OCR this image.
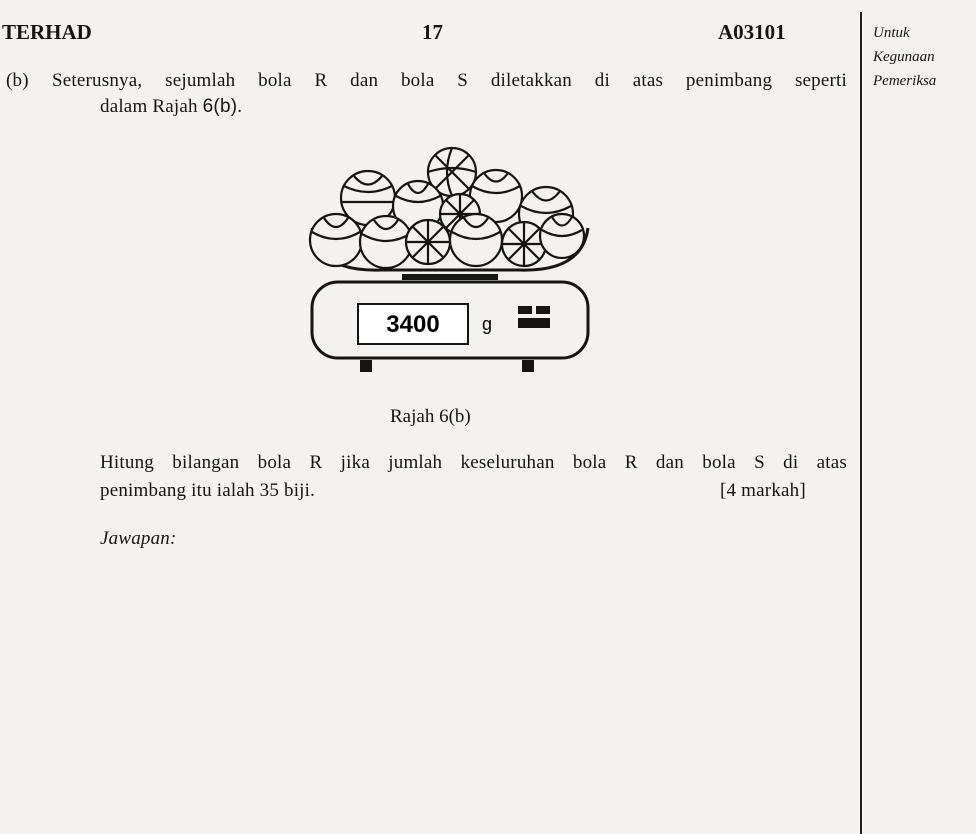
TERHAD	17	A03101	Untuk
Kegunaan
Pemeriksa
(b) Seterusnya, sejumlah bola R dan bola S diletakkan di atas penimbang seperti
dalam Rajah 6(b).
3400 g
Rajah 6(b)
Hitung bilangan bola R jika jumlah keseluruhan bola R dan bola S di atas
penimbang itu ialah 35 biji.	[4 markah]
Jawapan:
